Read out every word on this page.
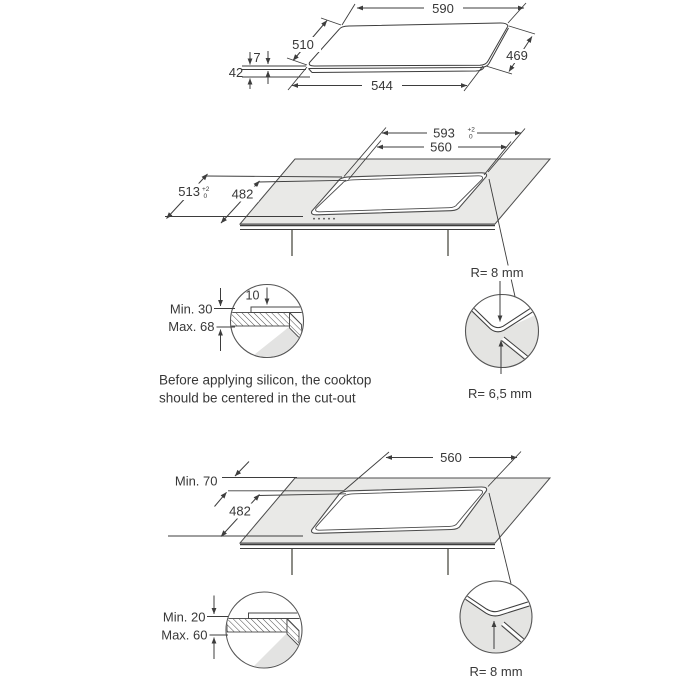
7
42
590
510
469
544
593 +2
0
560
513 +2
0 482
10
Min. 30
Max. 68
R= 8 mm
R= 6,5 mm
Before applying silicon, the cooktop
should be centered in the cut-out
560
Min. 70
482
Min. 20
Max. 60
R= 8 mm
